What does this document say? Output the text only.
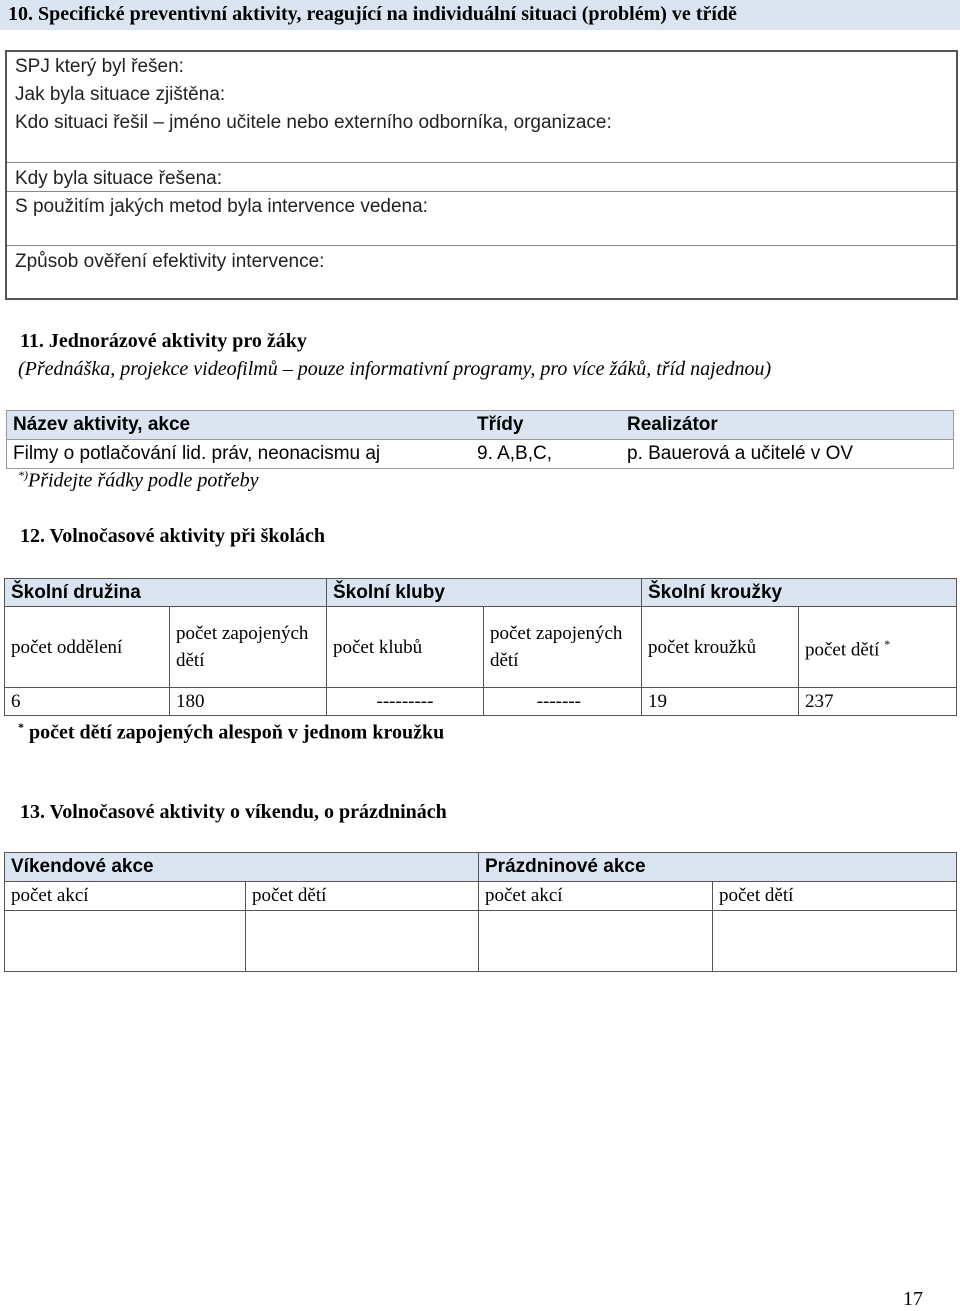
10. Specifické preventivní aktivity, reagující na individuální situaci (problém) ve třídě
SPJ který byl řešen:
Jak byla situace zjištěna:
Kdo situaci řešil – jméno učitele nebo externího odborníka, organizace:
Kdy byla situace řešena:
S použitím jakých metod byla intervence vedena:
Způsob ověření efektivity intervence:
11. Jednorázové aktivity pro žáky
(Přednáška, projekce videofilmů – pouze informativní programy, pro více žáků, tříd najednou)
Název aktivity, akce	Třídy	Realizátor
Filmy o potlačování lid. práv, neonacismu aj	9. A,B,C,	p. Bauerová a učitelé v OV
*)Přidejte řádky podle potřeby
12. Volnočasové aktivity při školách
Školní družina		Školní kluby		Školní kroužky	
počet oddělení	počet zapojených dětí	počet klubů	počet zapojených dětí	počet kroužků	počet dětí *
6	180	---------	-------	19	237
* počet dětí zapojených alespoň v jednom kroužku
13. Volnočasové aktivity o víkendu, o prázdninách
Víkendové akce		Prázdninové akce	
počet akcí	počet dětí	počet akcí	počet dětí

17
